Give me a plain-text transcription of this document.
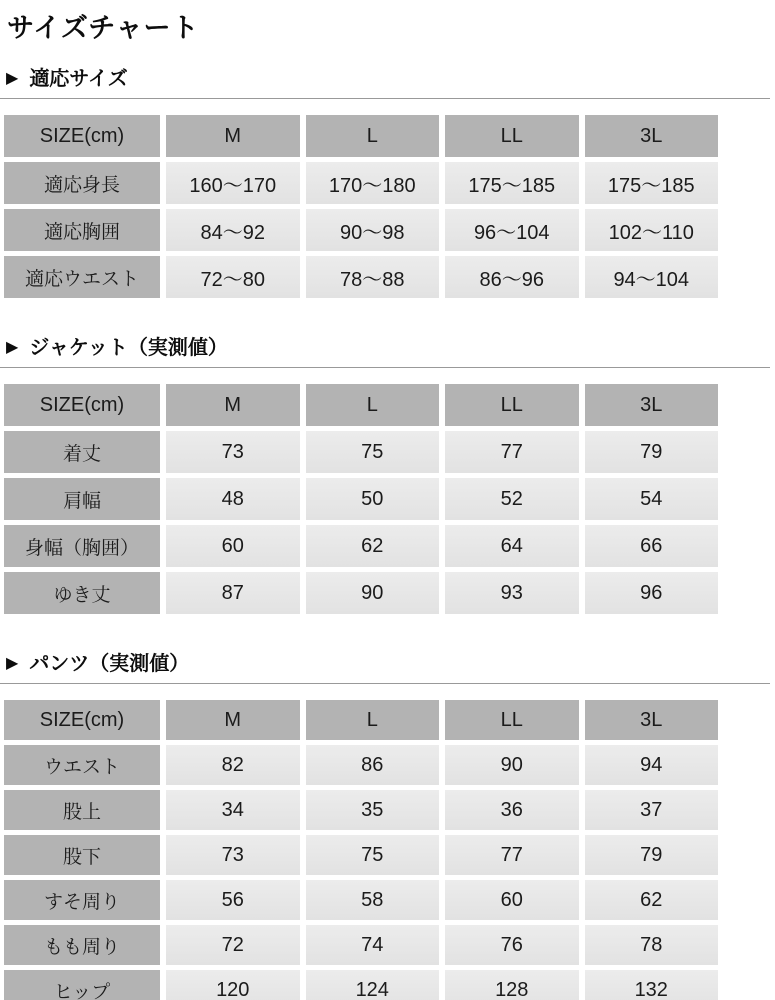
サイズチャート
▶ 適応サイズ
SIZE(cm)	M	L	LL	3L
適応身長	160〜170	170〜180	175〜185	175〜185
適応胸囲	84〜92	90〜98	96〜104	102〜110
適応ウエスト	72〜80	78〜88	86〜96	94〜104
▶ ジャケット（実測値）
SIZE(cm)	M	L	LL	3L
着丈	73	75	77	79
肩幅	48	50	52	54
身幅（胸囲）	60	62	64	66
ゆき丈	87	90	93	96
▶ パンツ（実測値）
SIZE(cm)	M	L	LL	3L
ウエスト	82	86	90	94
股上	34	35	36	37
股下	73	75	77	79
すそ周り	56	58	60	62
もも周り	72	74	76	78
ヒップ	120	124	128	132
